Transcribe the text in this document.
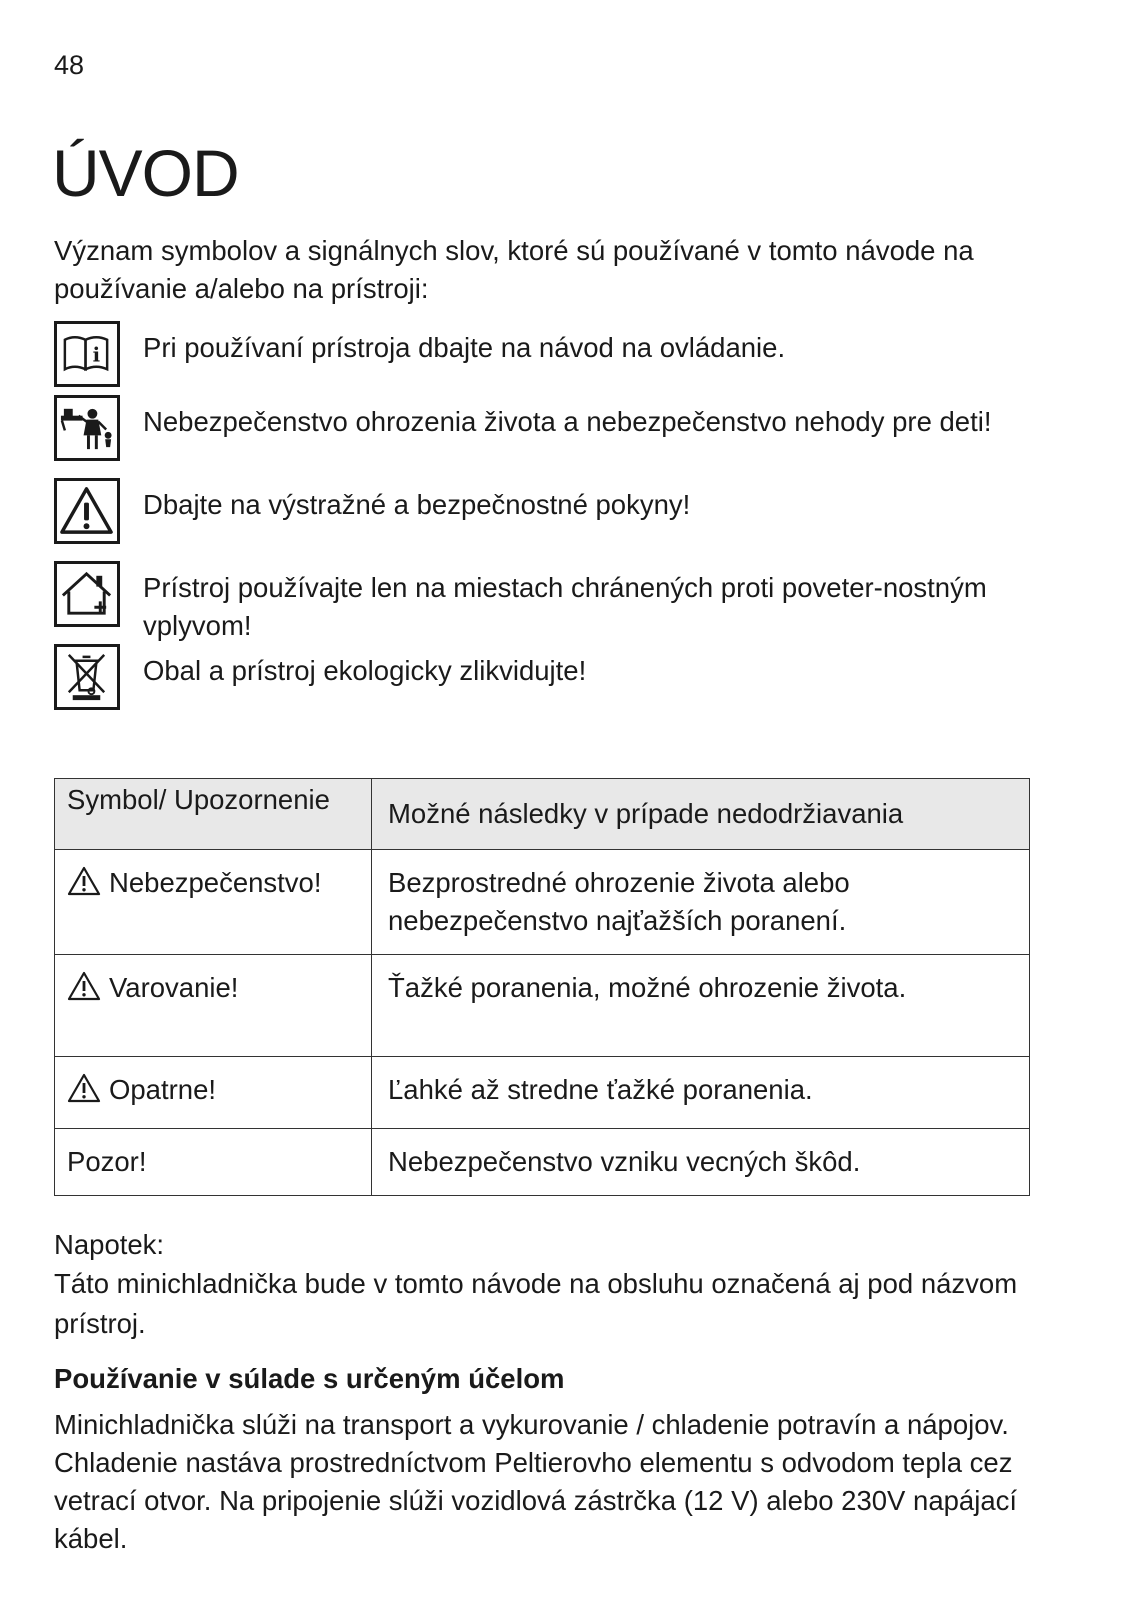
48
ÚVOD

Význam symbolov a signálnych slov, ktoré sú používané v tomto návode na používanie a/alebo na prístroji:

i Pri používaní prístroja dbajte na návod na ovládanie.
Nebezpečenstvo ohrozenia života a nebezpečenstvo nehody pre deti!
Dbajte na výstražné a bezpečnostné pokyny!
Prístroj používajte len na miestach chránených proti poveter-nostným vplyvom!
Obal a prístroj ekologicky zlikvidujte!
Symbol/ Upozornenie	Možné následky v prípade nedodržiavania

Nebezpečenstvo!	Bezprostredné ohrozenie života alebo nebezpečenstvo najťažších poranení.

Varovanie!	Ťažké poranenia, možné ohrozenie života.

Opatrne!	Ľahké až stredne ťažké poranenia.

Pozor!	Nebezpečenstvo vzniku vecných škôd.
Napotek:
Táto minichladnička bude v tomto návode na obsluhu označená aj pod názvom prístroj.
Používanie v súlade s určeným účelom

Minichladnička slúži na transport a vykurovanie / chladenie potravín a nápojov. Chladenie nastáva prostredníctvom Peltierovho elementu s odvodom tepla cez vetrací otvor. Na pripojenie slúži vozidlová zástrčka (12 V) alebo 230V napájací kábel.
